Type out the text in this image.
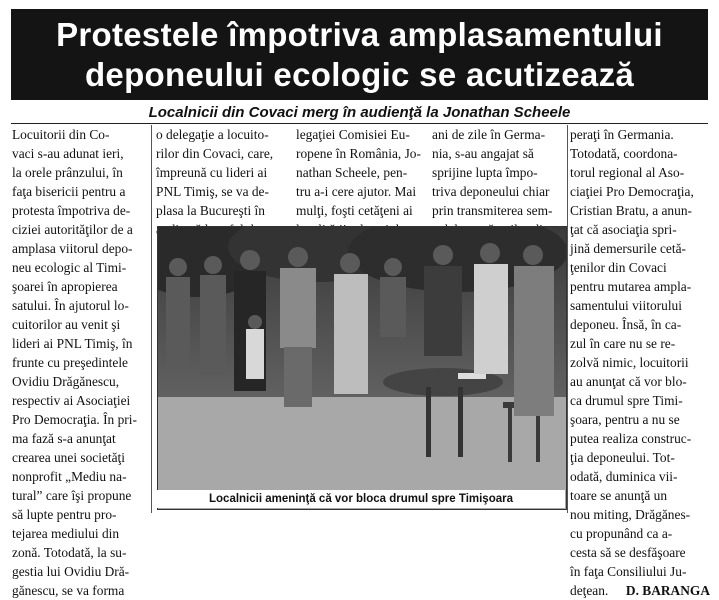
Protestele împotriva amplasamentului
deponeului ecologic se acutizează
Localnicii din Covaci merg în audienţă la Jonathan Scheele
Locuitorii din Co-
vaci s-au adunat ieri,
la orele prânzului, în
faţa bisericii pentru a
protesta împotriva de-
ciziei autorităţilor de a
amplasa viitorul depo-
neu ecologic al Timi-
şoarei în apropierea
satului. În ajutorul lo-
cuitorilor au venit şi
lideri ai PNL Timiş, în
frunte cu preşedintele
Ovidiu Drăgănescu,
respectiv ai Asociaţiei
Pro Democraţia. În pri-
ma fază s-a anunţat
crearea unei societăţi
nonprofit „Mediu na-
tural” care îşi propune
să lupte pentru pro-
tejarea mediului din
zonă. Totodată, la su-
gestia lui Ovidiu Dră-
gănescu, se va forma
o delegaţie a locuito-
rilor din Covaci, care,
împreună cu lideri ai
PNL Timiş, se va de-
plasa la Bucureşti în
legaţiei Comisiei Eu-
ropene în România, Jo-
nathan Scheele, pen-
tru a-i cere ajutor. Mai
mulţi, foşti cetăţeni ai
ani de zile în Germa-
nia, s-au angajat să
sprijine lupta împo-
triva deponeului chiar
prin transmiterea sem-
peraţi în Germania.
Totodată, coordona-
torul regional al Aso-
ciaţiei Pro Democraţia,
Cristian Bratu, a anun-
ţat că asociaţia spri-
jină demersurile cetă-
ţenilor din Covaci
pentru mutarea ampla-
samentului viitorului
deponeu. Însă, în ca-
zul în care nu se re-
zolvă nimic, locuitorii
au anunţat că vor blo-
ca drumul spre Timi-
şoara, pentru a nu se
putea realiza construc-
ţia deponeului. Tot-
odată, duminica vii-
toare se anunţă un
nou miting, Drăgănes-
cu propunând ca a-
cesta să se desfăşoare
în faţa Consiliului Ju-
deţean. D. BARANGA
Localnicii ameninţă că vor bloca drumul spre Timişoara
